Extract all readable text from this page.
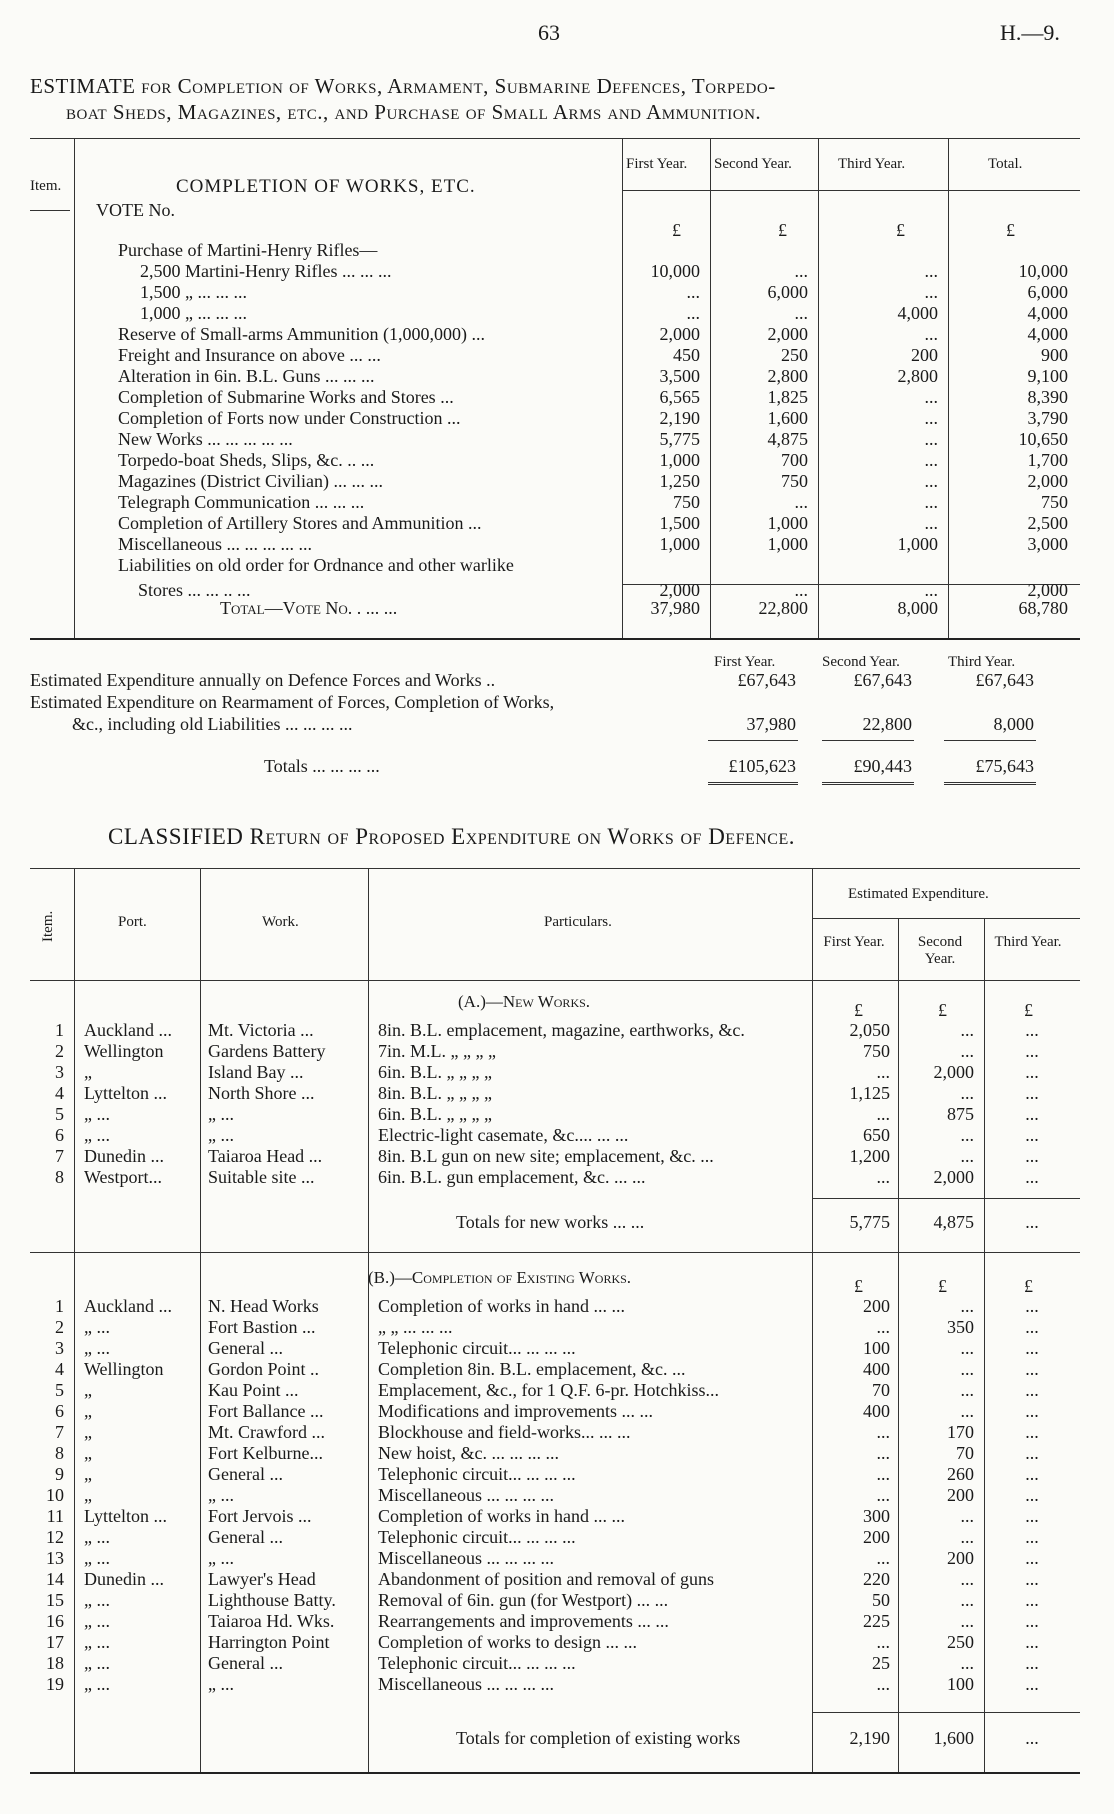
63	H.—9.
ESTIMATE for Completion of Works, Armament, Submarine Defences, Torpedo-
boat Sheds, Magazines, etc., and Purchase of Small Arms and Ammunition.
First Year. Second Year.	Third Year.	Total.
Item.	COMPLETION OF WORKS, ETC.
VOTE No.
£	£	£	£
Purchase of Martini-Henry Rifles—
2,500 Martini-Henry Rifles ... ... ...	10,000	...	...	10,000
1,500 „ ... ... ...	...	6,000	...	6,000
1,000 „ ... ... ...	...	...	4,000	4,000
Reserve of Small-arms Ammunition (1,000,000) ...	2,000	2,000	...	4,000
Freight and Insurance on above ... ...	450	250	200	900
Alteration in 6in. B.L. Guns ... ... ...	3,500	2,800	2,800	9,100
Completion of Submarine Works and Stores ...	6,565	1,825	...	8,390
Completion of Forts now under Construction ...	2,190	1,600	...	3,790
New Works ... ... ... ... ...	5,775	4,875	...	10,650
Torpedo-boat Sheds, Slips, &c. .. ...	1,000	700	...	1,700
Magazines (District Civilian) ... ... ...	1,250	750	...	2,000
Telegraph Communication ... ... ...	750	...	...	750
Completion of Artillery Stores and Ammunition ...	1,500	1,000	...	2,500
Miscellaneous ... ... ... ... ...	1,000	1,000	1,000	3,000
Liabilities on old order for Ordnance and other warlike
Stores ... ... .. ...	2,000	...	...	2,000
Total—Vote No. . ... ...	37,980	22,800	8,000	68,780
First Year.	Second Year.	Third Year.
Estimated Expenditure annually on Defence Forces and Works ..	£67,643	£67,643	£67,643
Estimated Expenditure on Rearmament of Forces, Completion of Works,
&c., including old Liabilities ... ... ... ...	37,980	22,800	8,000
Totals ... ... ... ...	£105,623	£90,443	£75,643
CLASSIFIED Return of Proposed Expenditure on Works of Defence.
Item.	Port.	Work.	Particulars.
Estimated Expenditure.
First Year.	Second Year.
Third Year.
(A.)—New Works.	£	£	£
1 Auckland ...	Mt. Victoria ...	8in. B.L. emplacement, magazine, earthworks, &c.	2,050	...	...
2 Wellington	Gardens Battery	7in. M.L. „ „ „ „	750	...	...
3 „	Island Bay ...	6in. B.L. „ „ „ „	...	2,000	...
4 Lyttelton ...	North Shore ...	8in. B.L. „ „ „ „	1,125	...	...
5 „ ...	„ ...	6in. B.L. „ „ „ „	...	875	...
6 „ ...	„ ...	Electric-light casemate, &c.... ... ...	650	...	...
7 Dunedin ...	Taiaroa Head ...	8in. B.L gun on new site; emplacement, &c. ...	1,200	...	...
8 Westport...	Suitable site ...	6in. B.L. gun emplacement, &c. ... ...	...	2,000	...
Totals for new works ... ...	5,775	4,875	...
(B.)—Completion of Existing Works.	£	£	£
1 Auckland ...	N. Head Works	Completion of works in hand ... ...	200	...	...
2 „ ...	Fort Bastion ...	„ „ ... ... ...	...	350	...
3 „ ...	General ...	Telephonic circuit... ... ... ...	100	...	...
4 Wellington	Gordon Point ..	Completion 8in. B.L. emplacement, &c. ...	400	...	...
5 „	Kau Point ...	Emplacement, &c., for 1 Q.F. 6-pr. Hotchkiss...	70	...	...
6 „	Fort Ballance ...	Modifications and improvements ... ...	400	...	...
7 „	Mt. Crawford ...	Blockhouse and field-works... ... ...	...	170	...
8 „	Fort Kelburne...	New hoist, &c. ... ... ... ...	...	70	...
9 „	General ...	Telephonic circuit... ... ... ...	...	260	...
10 „	„ ...	Miscellaneous ... ... ... ...	...	200	...
11 Lyttelton ...	Fort Jervois ...	Completion of works in hand ... ...	300	...	...
12 „ ...	General ...	Telephonic circuit... ... ... ...	200	...	...
13 „ ...	„ ...	Miscellaneous ... ... ... ...	...	200	...
14 Dunedin ...	Lawyer's Head	Abandonment of position and removal of guns	220	...	...
15 „ ...	Lighthouse Batty.	Removal of 6in. gun (for Westport) ... ...	50	...	...
16 „ ...	Taiaroa Hd. Wks.	Rearrangements and improvements ... ...	225	...	...
17 „ ...	Harrington Point	Completion of works to design ... ...	...	250	...
18 „ ...	General ...	Telephonic circuit... ... ... ...	25	...	...
19 „ ...	„ ...	Miscellaneous ... ... ... ...	...	100	...
Totals for completion of existing works	2,190	1,600	...
